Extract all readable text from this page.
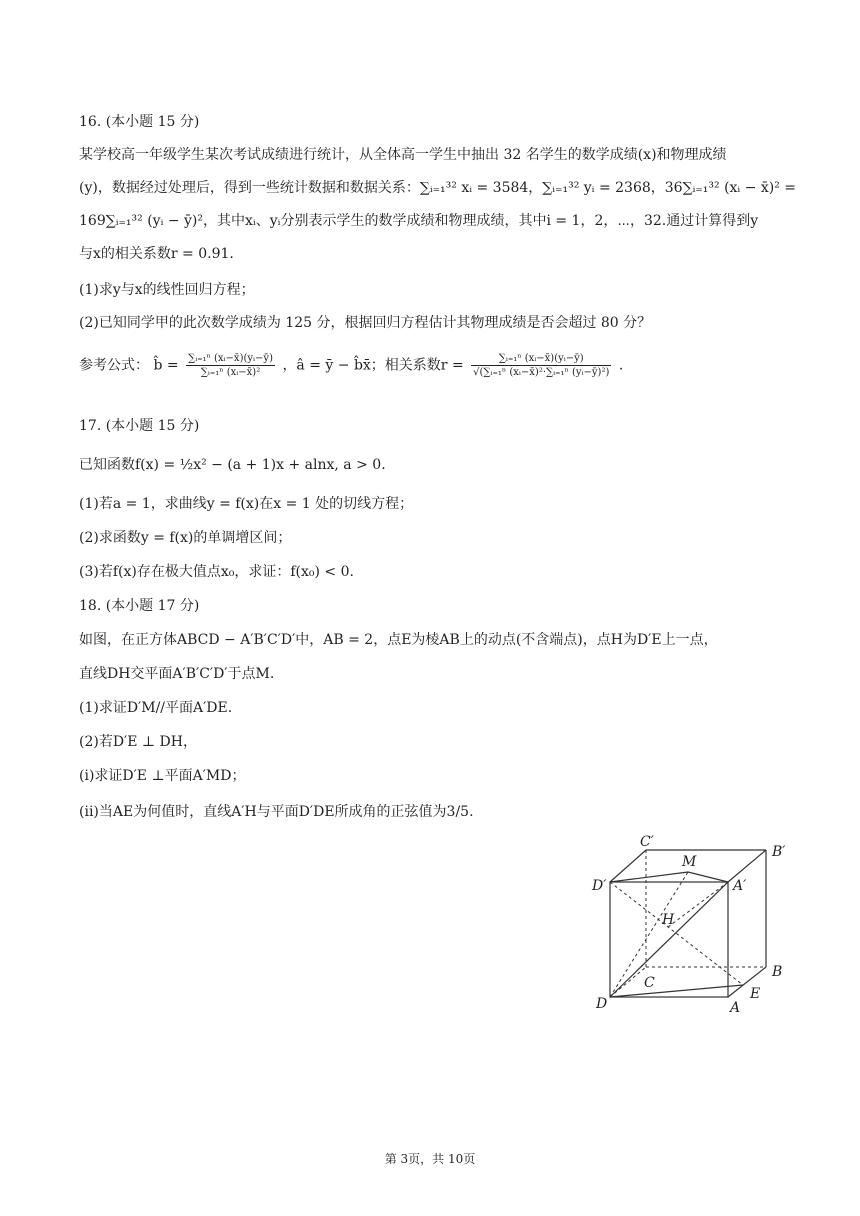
16. (本小题 15 分)
某学校高一年级学生某次考试成绩进行统计，从全体高一学生中抽出 32 名学生的数学成绩(x)和物理成绩
(y)，数据经过处理后，得到一些统计数据和数据关系：∑ᵢ₌₁³² xᵢ = 3584，∑ᵢ₌₁³² yᵢ = 2368，36∑ᵢ₌₁³² (xᵢ − x̄)² =
169∑ᵢ₌₁³² (yᵢ − ȳ)²，其中xᵢ、yᵢ分别表示学生的数学成绩和物理成绩，其中i = 1，2，⋯，32.通过计算得到y
与x的相关系数r = 0.91.
(1)求y与x的线性回归方程；
(2)已知同学甲的此次数学成绩为 125 分，根据回归方程估计其物理成绩是否会超过 80 分？
参考公式： b̂ = $\frac{\text{∑ᵢ₌₁ⁿ (xᵢ−x̄)(yᵢ−ȳ)}}{\text{∑ᵢ₌₁ⁿ (xᵢ−x̄)²}}$ ，â = ȳ − b̂x̄；相关系数$r = \frac{\text{∑ᵢ₌₁ⁿ (xᵢ−x̄)(yᵢ−ȳ)}}{\text{√(∑ᵢ₌₁ⁿ (xᵢ−x̄)²·∑ᵢ₌₁ⁿ (yᵢ−ȳ)²)}}$ .
17. (本小题 15 分)
已知函数f(x) = ½x² − (a + 1)x + alnx, a > 0.
(1)若a = 1，求曲线y = f(x)在x = 1 处的切线方程；
(2)求函数y = f(x)的单调增区间；
(3)若f(x)存在极大值点x₀，求证：f(x₀) < 0.
18. (本小题 17 分)
如图，在正方体ABCD − A′B′C′D′中，AB = 2，点E为棱AB上的动点(不含端点)，点H为D′E上一点，
直线DH交平面A′B′C′D′于点M.
(1)求证D′M//平面A′DE.
(2)若D′E ⊥ DH，
(i)求证D′E ⊥平面A′MD；
(ii)当AE为何值时，直线A′H与平面D′DE所成角的正弦值为3/5.
C′
B′
M
D′	A′
H
C
B
D
E
A
第 3页，共 10页
